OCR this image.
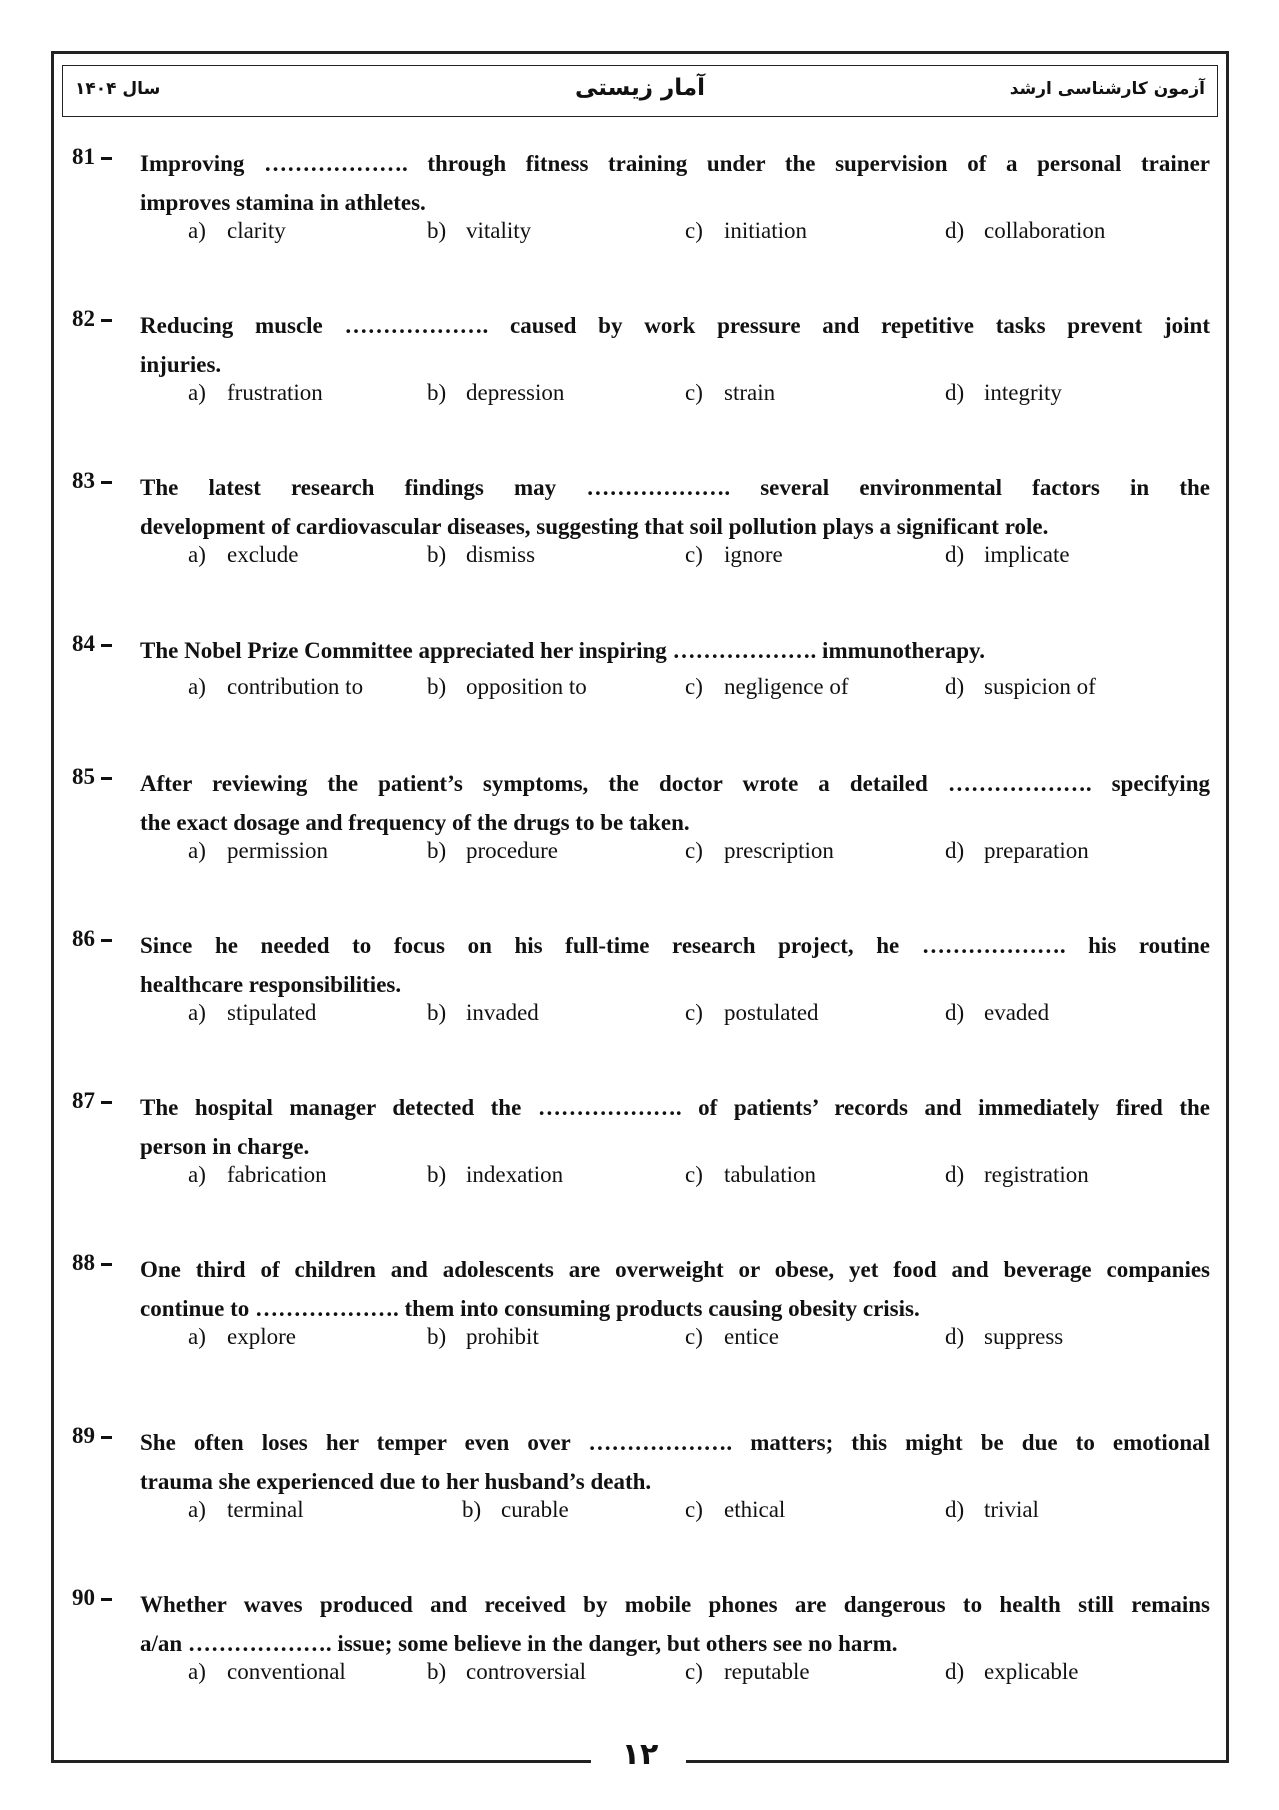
آزمون کارشناسی ارشد
آمار زیستی
سال ۱۴۰۴
81	Improving ………………. through fitness training under the supervision of a personal trainer
improves stamina in athletes.
a) clarity	b) vitality	c) initiation	d) collaboration
82	Reducing muscle ………………. caused by work pressure and repetitive tasks prevent joint
injuries.
a) frustration	b) depression	c) strain	d) integrity
83	The latest research findings may ………………. several environmental factors in the
development of cardiovascular diseases, suggesting that soil pollution plays a significant role.
a) exclude	b) dismiss	c) ignore	d) implicate
84	The Nobel Prize Committee appreciated her inspiring ………………. immunotherapy.
a) contribution to	b) opposition to	c) negligence of	d) suspicion of
85	After reviewing the patient’s symptoms, the doctor wrote a detailed ………………. specifying
the exact dosage and frequency of the drugs to be taken.
a) permission	b) procedure	c) prescription	d) preparation
86	Since he needed to focus on his full-time research project, he ………………. his routine
healthcare responsibilities.
a) stipulated	b) invaded	c) postulated	d) evaded
87	The hospital manager detected the ………………. of patients’ records and immediately fired the
person in charge.
a) fabrication	b) indexation	c) tabulation	d) registration
88	One third of children and adolescents are overweight or obese, yet food and beverage companies
continue to ………………. them into consuming products causing obesity crisis.
a) explore	b) prohibit	c) entice	d) suppress
89	She often loses her temper even over ………………. matters; this might be due to emotional
trauma she experienced due to her husband’s death.
a) terminal	b) curable	c) ethical	d) trivial
90	Whether waves produced and received by mobile phones are dangerous to health still remains
a/an ………………. issue; some believe in the danger, but others see no harm.
a) conventional	b) controversial	c) reputable	d) explicable
۱۲
